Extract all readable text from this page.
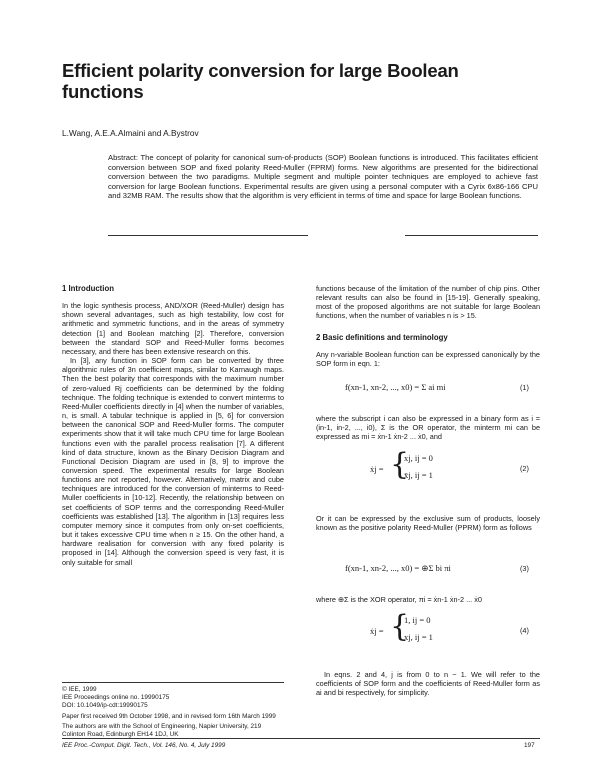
Efficient polarity conversion for large Boolean functions
L.Wang, A.E.A.Almaini and A.Bystrov
Abstract: The concept of polarity for canonical sum-of-products (SOP) Boolean functions is introduced. This facilitates efficient conversion between SOP and fixed polarity Reed-Muller (FPRM) forms. New algorithms are presented for the bidirectional conversion between the two paradigms. Multiple segment and multiple pointer techniques are employed to achieve fast conversion for large Boolean functions. Experimental results are given using a personal computer with a Cyrix 6x86-166 CPU and 32MB RAM. The results show that the algorithm is very efficient in terms of time and space for large Boolean functions.
1 Introduction

In the logic synthesis process, AND/XOR (Reed-Muller) design has shown several advantages, such as high testability, low cost for arithmetic and symmetric functions, and in the areas of symmetry detection [1] and Boolean matching [2]. Therefore, conversion between the standard SOP and Reed-Muller forms becomes necessary, and there has been extensive research on this.

In [3], any function in SOP form can be converted by three algorithmic rules of 3n coefficient maps, similar to Karnaugh maps. Then the best polarity that corresponds with the maximum number of zero-valued Rj coefficients can be determined by the folding technique. The folding technique is extended to convert minterms to Reed-Muller coefficients directly in [4] when the number of variables, n, is small. A tabular technique is applied in [5, 6] for conversion between the canonical SOP and Reed-Muller forms. The computer experiments show that it will take much CPU time for large Boolean functions even with the parallel process realisation [7]. A different kind of data structure, known as the Binary Decision Diagram and Functional Decision Diagram are used in [8, 9] to improve the conversion speed. The experimental results for large Boolean functions are not reported, however. Alternatively, matrix and cube techniques are introduced for the conversion of minterms to Reed-Muller coefficients in [10-12]. Recently, the relationship between on set coefficients of SOP terms and the corresponding Reed-Muller coefficients was established [13]. The algorithm in [13] requires less computer memory since it computes from only on-set coefficients, but it takes excessive CPU time when n ≥ 15. On the other hand, a hardware realisation for conversion with any fixed polarity is proposed in [14]. Although the conversion speed is very fast, it is only suitable for small

© IEE, 1999
IEE Proceedings online no. 19990175
DOI: 10.1049/ip-cdt:19990175
Paper first received 9th October 1998, and in revised form 16th March 1999
The authors are with the School of Engineering, Napier University, 219 Colinton Road, Edinburgh EH14 1DJ, UK

functions because of the limitation of the number of chip pins. Other relevant results can also be found in [15-19]. Generally speaking, most of the proposed algorithms are not suitable for large Boolean functions, when the number of variables n is > 15.

2 Basic definitions and terminology

Any n-variable Boolean function can be expressed canonically by the SOP form in eqn. 1:

f(xn-1, xn-2, ..., x0) = Σ ai mi	(1)

where the subscript i can also be expressed in a binary form as i = (in-1, in-2, ..., i0), Σ is the OR operator, the minterm mi can be expressed as mi = ẋn-1 ẋn-2 ... ẋ0, and

ẋj = {
xj, ij = 0
x̄j, ij = 1
(2)

Or it can be expressed by the exclusive sum of products, loosely known as the positive polarity Reed-Muller (PPRM) form as follows

f(xn-1, xn-2, ..., x0) = ⊕Σ bi πi	(3)

where ⊕Σ is the XOR operator, πi = ẋn-1 ẋn-2 ... ẋ0

ẋj = {
1, ij = 0
xj, ij = 1
(4)

In eqns. 2 and 4, j is from 0 to n − 1. We will refer to the coefficients of SOP form and the coefficients of Reed-Muller form as ai and bi respectively, for simplicity.

IEE Proc.-Comput. Digit. Tech., Vol. 146, No. 4, July 1999	197
